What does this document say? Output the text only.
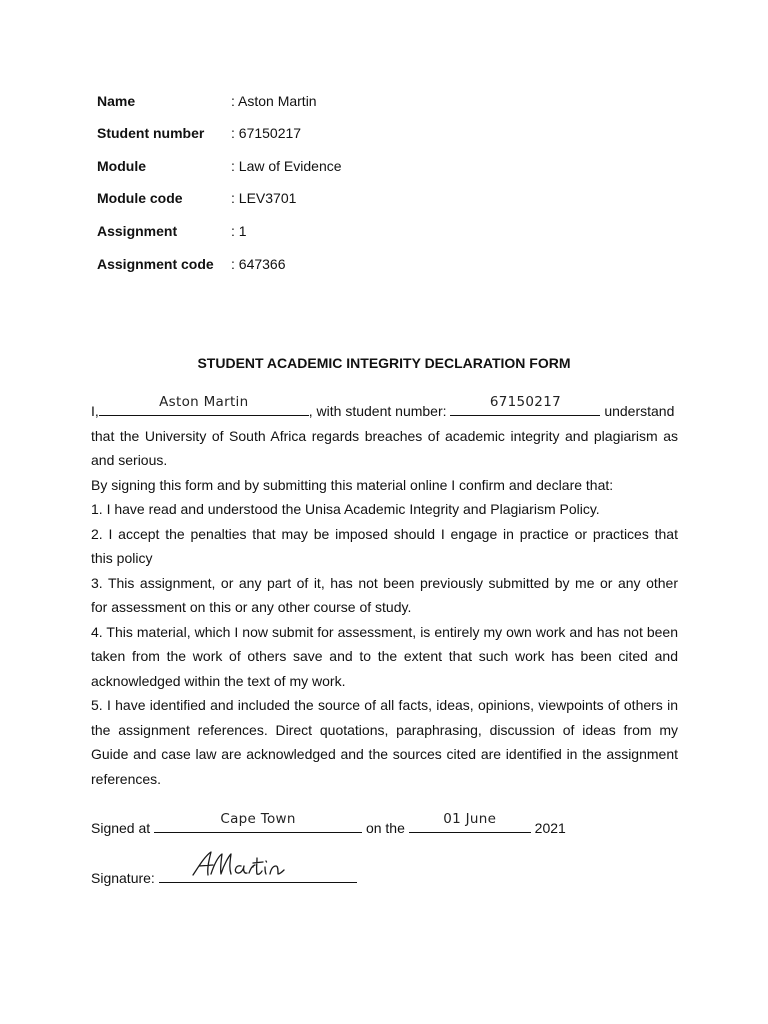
Name	: Aston Martin
Student number : 67150217
Module	: Law of Evidence
Module code	: LEV3701
Assignment	: 1
Assignment code : 647366
STUDENT ACADEMIC INTEGRITY DECLARATION FORM
I,
Aston Martin
, with student number:
67150217
understand
that the University of South Africa regards breaches of academic integrity and plagiarism as
and serious.
By signing this form and by submitting this material online I confirm and declare that:
1. I have read and understood the Unisa Academic Integrity and Plagiarism Policy.
2. I accept the penalties that may be imposed should I engage in practice or practices that
this policy
3. This assignment, or any part of it, has not been previously submitted by me or any other
for assessment on this or any other course of study.
4. This material, which I now submit for assessment, is entirely my own work and has not been
taken from the work of others save and to the extent that such work has been cited and
acknowledged within the text of my work.
5. I have identified and included the source of all facts, ideas, opinions, viewpoints of others in
the assignment references. Direct quotations, paraphrasing, discussion of ideas from my
Guide and case law are acknowledged and the sources cited are identified in the assignment
references.
Signed at
Cape Town
on the
01 June
2021
Signature:
